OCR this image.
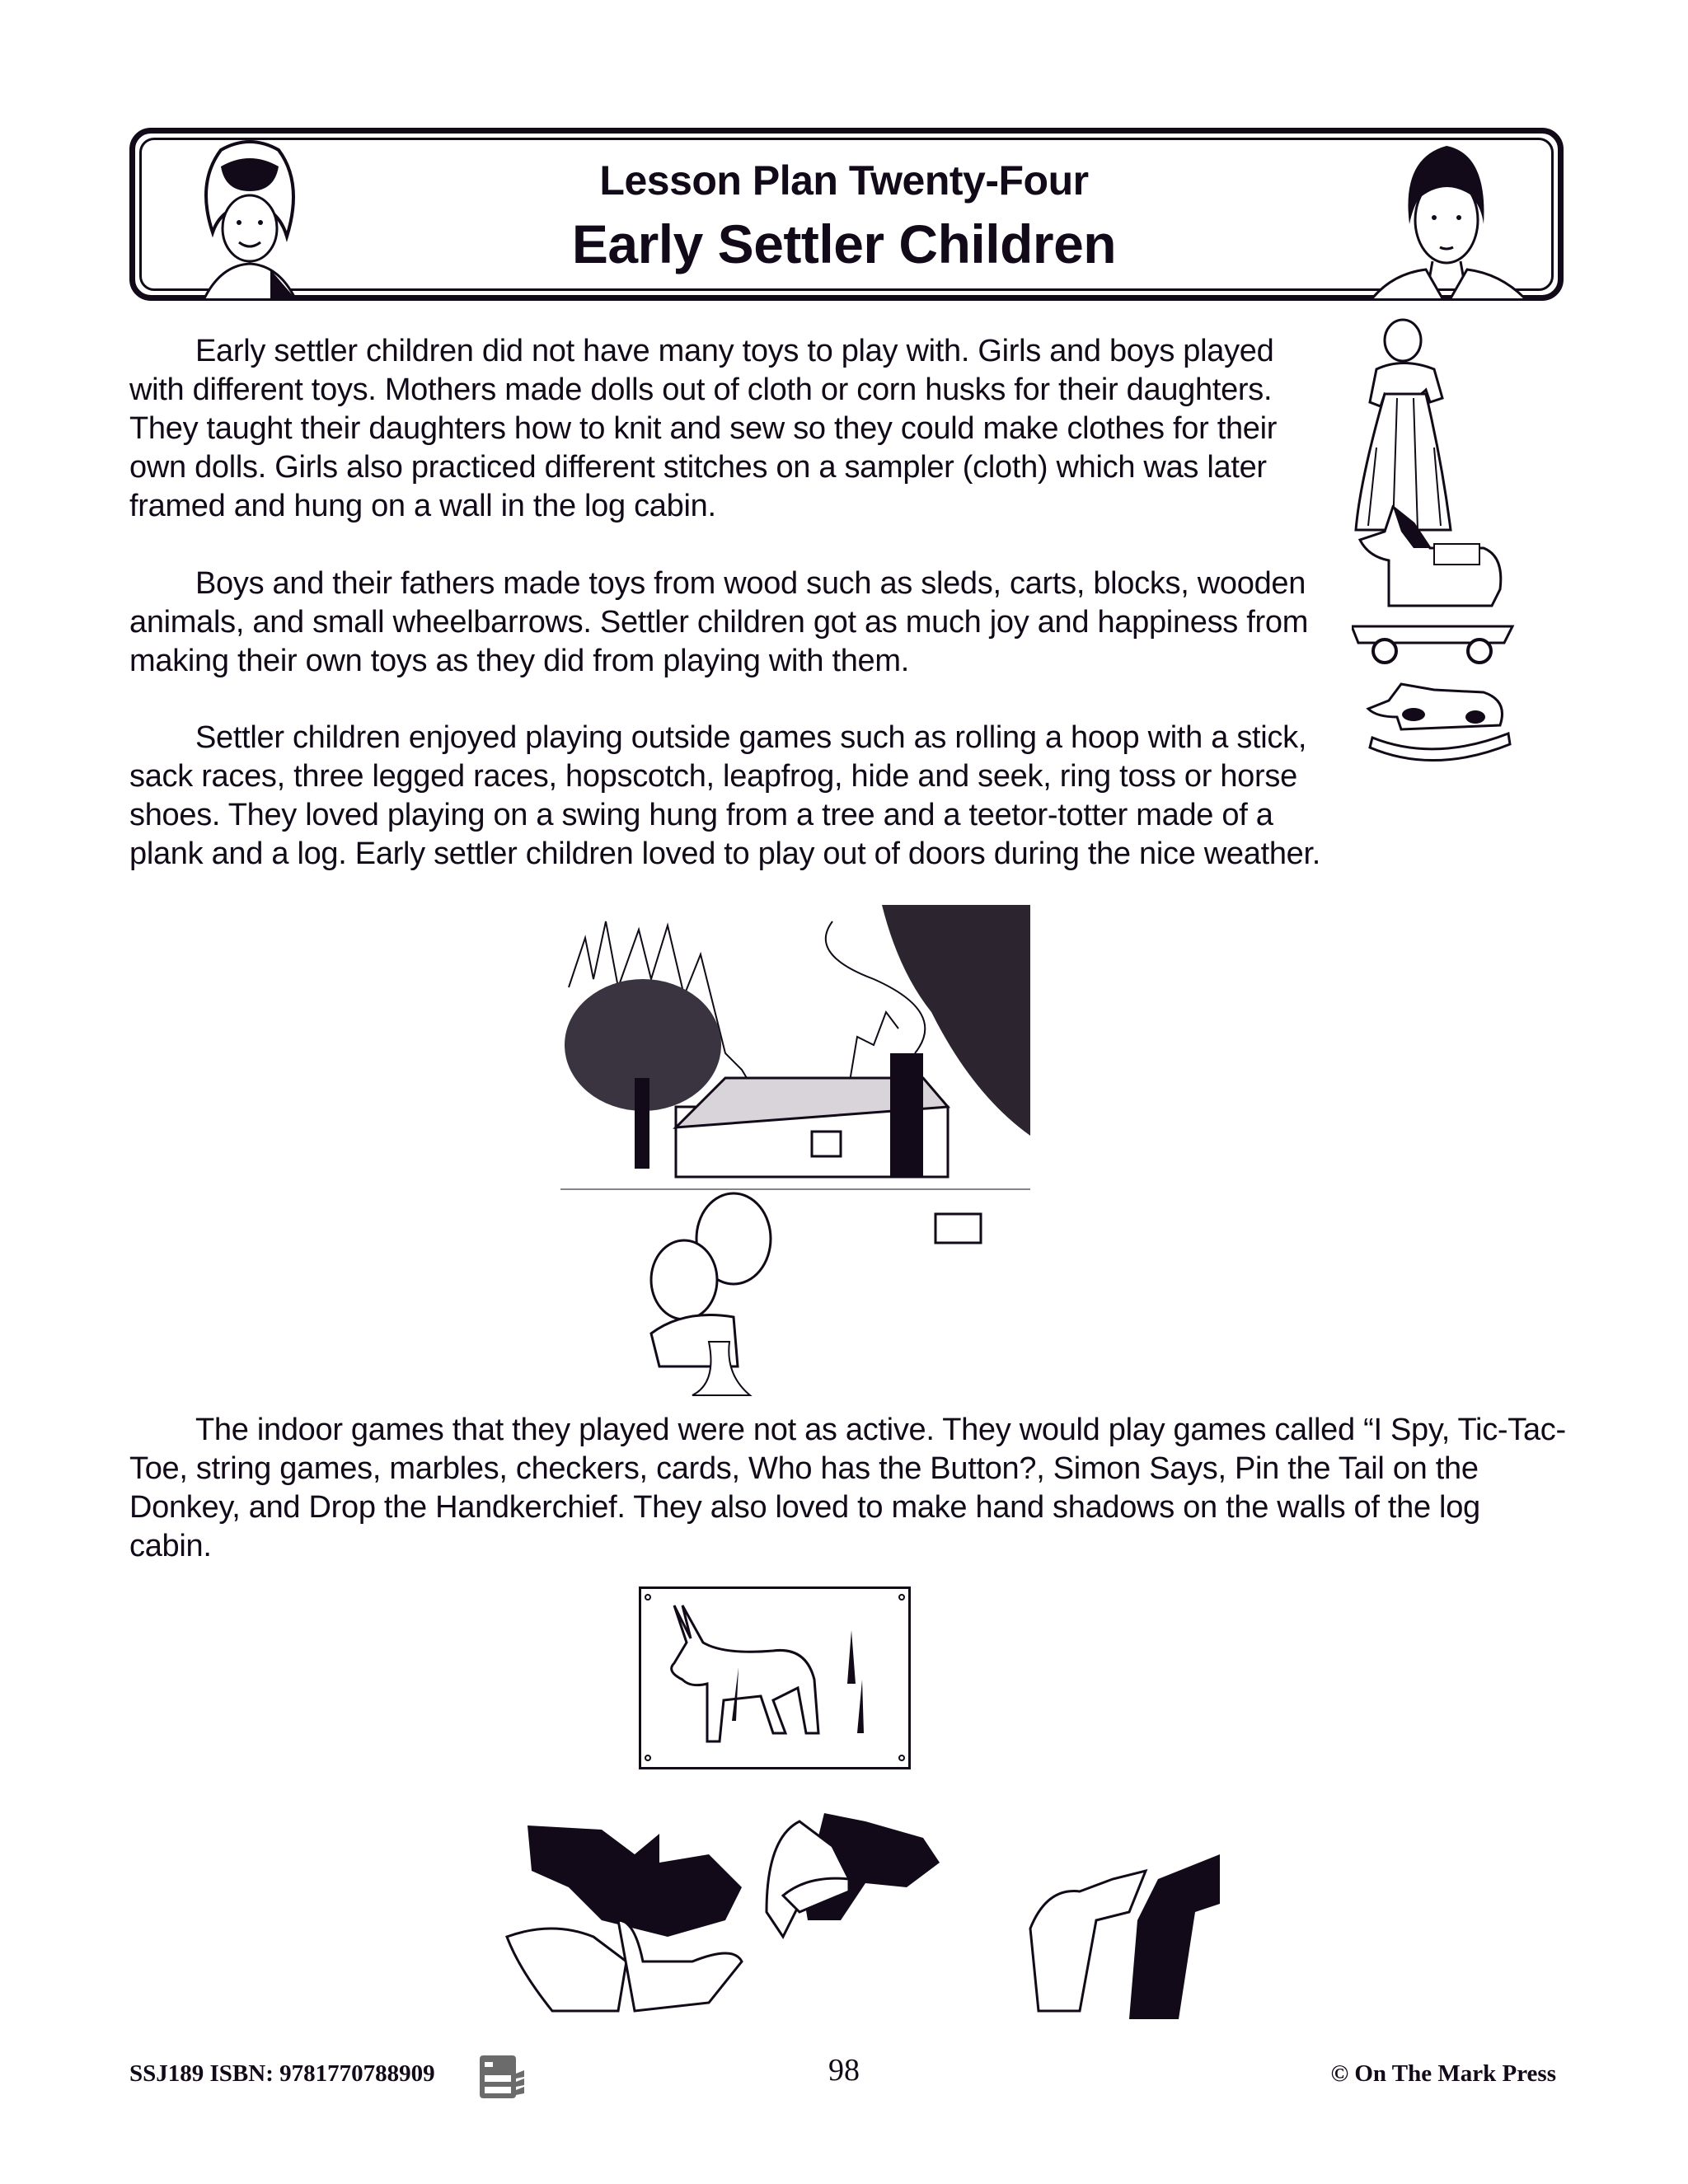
Lesson Plan Twenty-Four
Early Settler Children
Early settler children did not have many toys to play with. Girls and boys played with different toys. Mothers made dolls out of cloth or corn husks for their daughters. They taught their daughters how to knit and sew so they could make clothes for their own dolls. Girls also practiced different stitches on a sampler (cloth) which was later framed and hung on a wall in the log cabin.
Boys and their fathers made toys from wood such as sleds, carts, blocks, wooden animals, and small wheelbarrows. Settler children got as much joy and happiness from making their own toys as they did from playing with them.
Settler children enjoyed playing outside games such as rolling a hoop with a stick, sack races, three legged races, hopscotch, leapfrog, hide and seek, ring toss or horse shoes. They loved playing on a swing hung from a tree and a teetor-totter made of a plank and a log. Early settler children loved to play out of doors during the nice weather.
The indoor games that they played were not as active. They would play games called “I Spy, Tic-Tac-Toe, string games, marbles, checkers, cards, Who has the Button?, Simon Says, Pin the Tail on the Donkey, and Drop the Handkerchief. They also loved to make hand shadows on the walls of the log cabin.
SSJ189 ISBN: 9781770788909	98	© On The Mark Press
